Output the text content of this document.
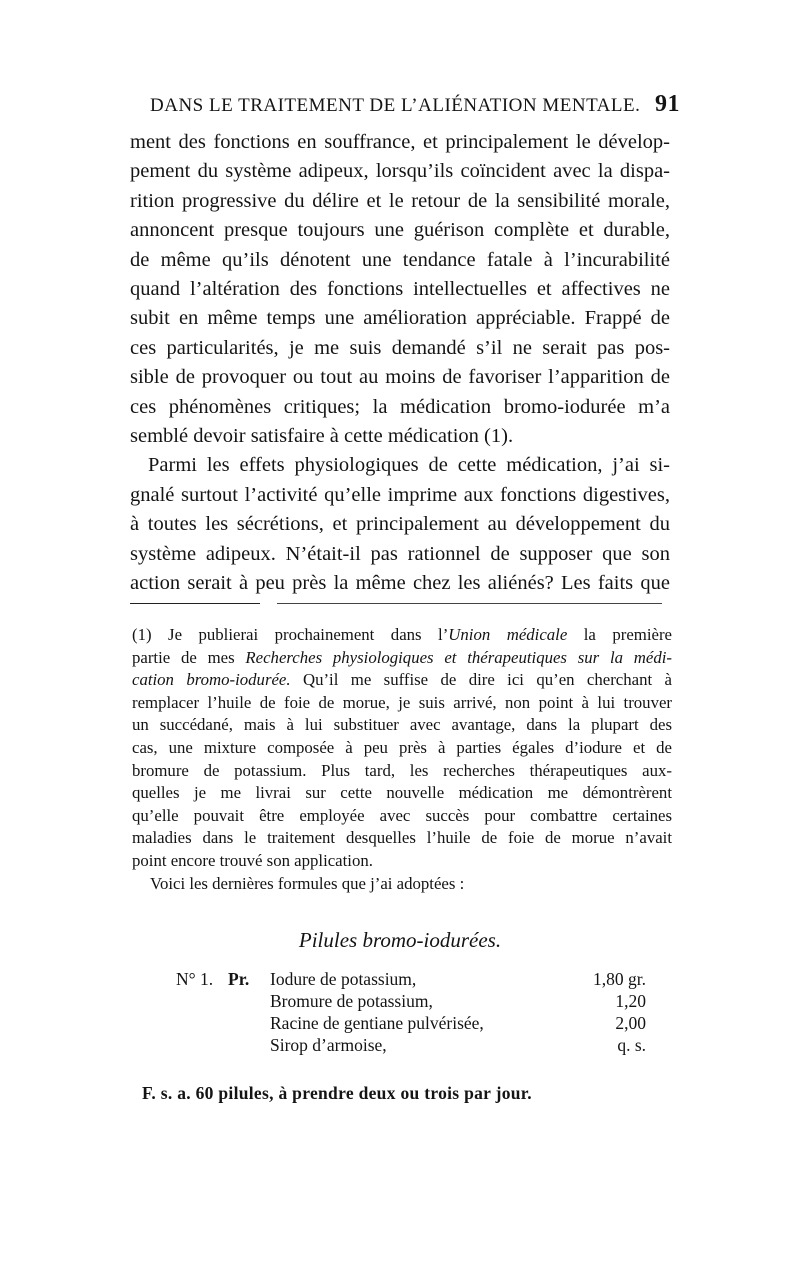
DANS LE TRAITEMENT DE L’ALIÉNATION MENTALE. 91
ment des fonctions en souffrance, et principalement le dévelop-
pement du système adipeux, lorsqu’ils coïncident avec la dispa-
rition progressive du délire et le retour de la sensibilité morale,
annoncent presque toujours une guérison complète et durable,
de même qu’ils dénotent une tendance fatale à l’incurabilité
quand l’altération des fonctions intellectuelles et affectives ne
subit en même temps une amélioration appréciable. Frappé de
ces particularités, je me suis demandé s’il ne serait pas pos-
sible de provoquer ou tout au moins de favoriser l’apparition de
ces phénomènes critiques; la médication bromo-iodurée m’a
semblé devoir satisfaire à cette médication (1).
Parmi les effets physiologiques de cette médication, j’ai si-
gnalé surtout l’activité qu’elle imprime aux fonctions digestives,
à toutes les sécrétions, et principalement au développement du
système adipeux. N’était-il pas rationnel de supposer que son
action serait à peu près la même chez les aliénés? Les faits que
(1) Je publierai prochainement dans l’Union médicale la première
partie de mes Recherches physiologiques et thérapeutiques sur la médi-
cation bromo-iodurée. Qu’il me suffise de dire ici qu’en cherchant à
remplacer l’huile de foie de morue, je suis arrivé, non point à lui trouver
un succédané, mais à lui substituer avec avantage, dans la plupart des
cas, une mixture composée à peu près à parties égales d’iodure et de
bromure de potassium. Plus tard, les recherches thérapeutiques aux-
quelles je me livrai sur cette nouvelle médication me démontrèrent
qu’elle pouvait être employée avec succès pour combattre certaines
maladies dans le traitement desquelles l’huile de foie de morue n’avait
point encore trouvé son application.
Voici les dernières formules que j’ai adoptées :
Pilules bromo-iodurées.
N° 1. Pr. Iodure de potassium,	1,80 gr.
Bromure de potassium,	1,20
Racine de gentiane pulvérisée,	2,00
Sirop d’armoise,	q. s.
F. s. a. 60 pilules, à prendre deux ou trois par jour.
